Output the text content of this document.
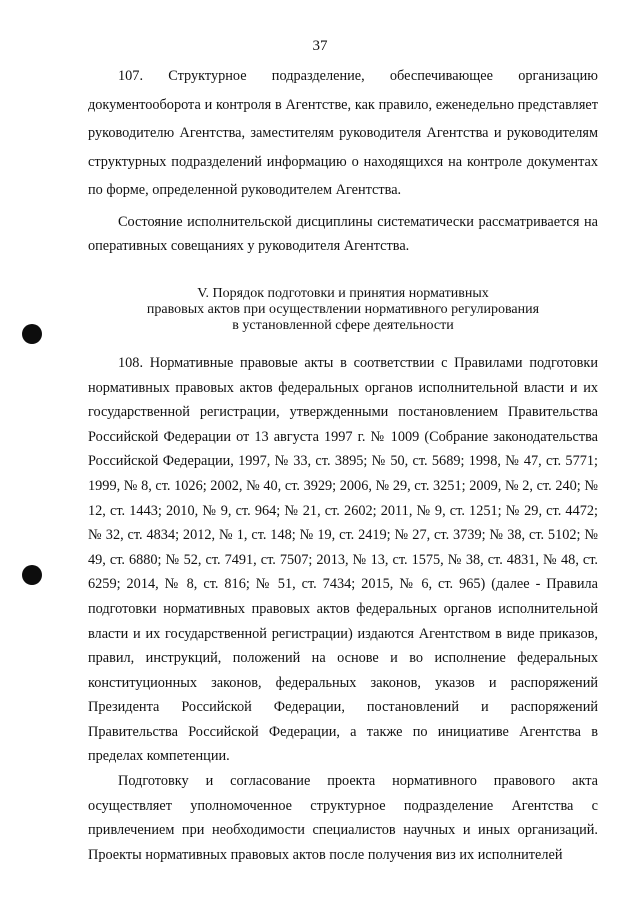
37

107. Структурное подразделение, обеспечивающее организацию документооборота и контроля в Агентстве, как правило, еженедельно представляет руководителю Агентства, заместителям руководителя Агентства и руководителям структурных подразделений информацию о находящихся на контроле документах по форме, определенной руководителем Агентства.

Состояние исполнительской дисциплины систематически рассматривается на оперативных совещаниях у руководителя Агентства.

V. Порядок подготовки и принятия нормативных
правовых актов при осуществлении нормативного регулирования
в установленной сфере деятельности

108. Нормативные правовые акты в соответствии с Правилами подготовки нормативных правовых актов федеральных органов исполнительной власти и их государственной регистрации, утвержденными постановлением Правительства Российской Федерации от 13 августа 1997 г. № 1009 (Собрание законодательства Российской Федерации, 1997, № 33, ст. 3895; № 50, ст. 5689; 1998, № 47, ст. 5771; 1999, № 8, ст. 1026; 2002, № 40, ст. 3929; 2006, № 29, ст. 3251; 2009, № 2, ст. 240; № 12, ст. 1443; 2010, № 9, ст. 964; № 21, ст. 2602; 2011, № 9, ст. 1251; № 29, ст. 4472; № 32, ст. 4834; 2012, № 1, ст. 148; № 19, ст. 2419; № 27, ст. 3739; № 38, ст. 5102; № 49, ст. 6880; № 52, ст. 7491, ст. 7507; 2013, № 13, ст. 1575, № 38, ст. 4831, № 48, ст. 6259; 2014, № 8, ст. 816; № 51, ст. 7434; 2015, № 6, ст. 965) (далее - Правила подготовки нормативных правовых актов федеральных органов исполнительной власти и их государственной регистрации) издаются Агентством в виде приказов, правил, инструкций, положений на основе и во исполнение федеральных конституционных законов, федеральных законов, указов и распоряжений Президента Российской Федерации, постановлений и распоряжений Правительства Российской Федерации, а также по инициативе Агентства в пределах компетенции.

Подготовку и согласование проекта нормативного правового акта осуществляет уполномоченное структурное подразделение Агентства с привлечением при необходимости специалистов научных и иных организаций. Проекты нормативных правовых актов после получения виз их исполнителей
